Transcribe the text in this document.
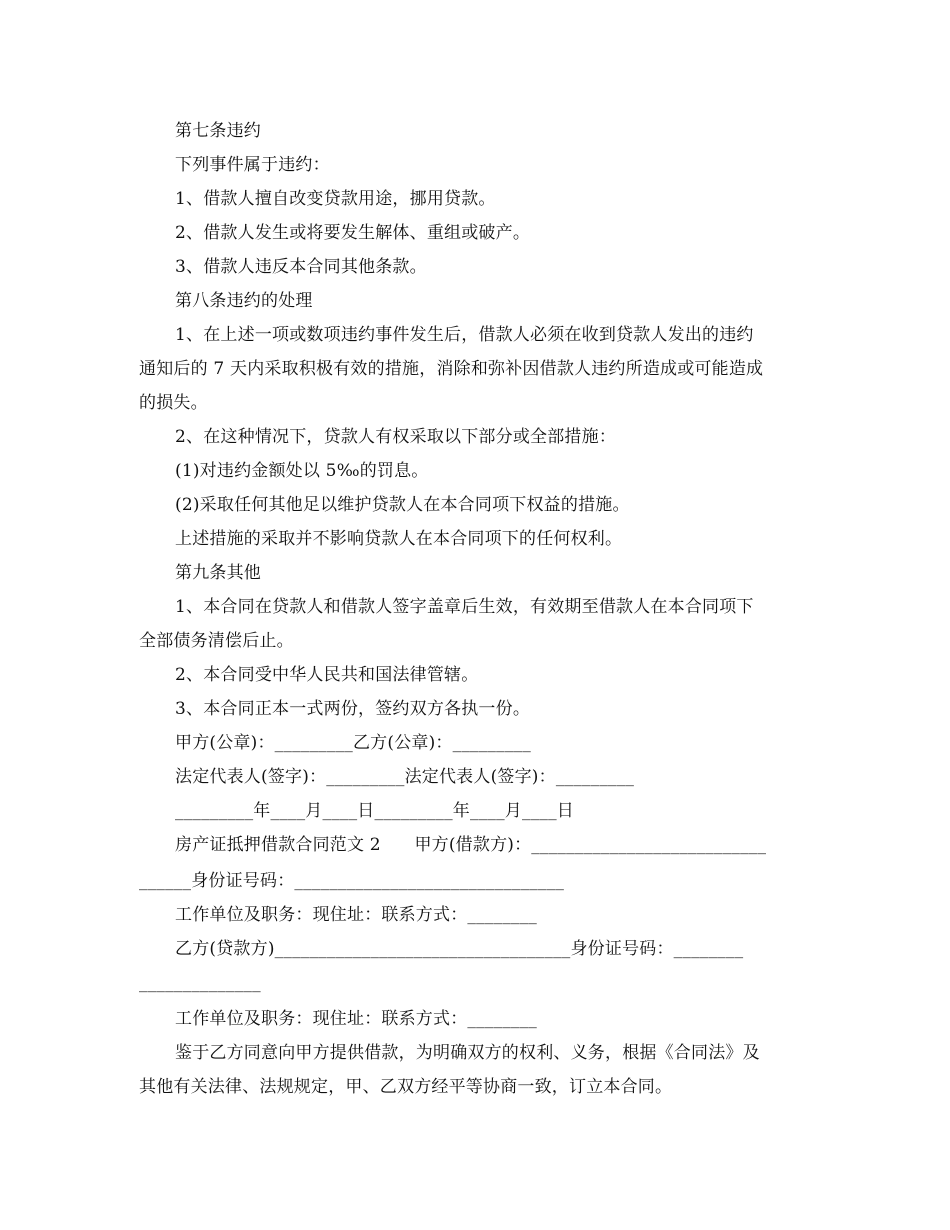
第七条违约
下列事件属于违约：
1、借款人擅自改变贷款用途，挪用贷款。
2、借款人发生或将要发生解体、重组或破产。
3、借款人违反本合同其他条款。
第八条违约的处理
1、在上述一项或数项违约事件发生后，借款人必须在收到贷款人发出的违约
通知后的 7 天内采取积极有效的措施，消除和弥补因借款人违约所造成或可能造成
的损失。
2、在这种情况下，贷款人有权采取以下部分或全部措施：
(1)对违约金额处以 5‰的罚息。
(2)采取任何其他足以维护贷款人在本合同项下权益的措施。
上述措施的采取并不影响贷款人在本合同项下的任何权利。
第九条其他
1、本合同在贷款人和借款人签字盖章后生效，有效期至借款人在本合同项下
全部债务清偿后止。
2、本合同受中华人民共和国法律管辖。
3、本合同正本一式两份，签约双方各执一份。
甲方(公章)：_________乙方(公章)：_________
法定代表人(签字)：_________法定代表人(签字)：_________
_________年____月____日_________年____月____日
房产证抵押借款合同范文 2      甲方(借款方)：___________________________
______身份证号码：_______________________________
工作单位及职务：现住址：联系方式：________
乙方(贷款方)__________________________________身份证号码：________
______________
工作单位及职务：现住址：联系方式：________
鉴于乙方同意向甲方提供借款，为明确双方的权利、义务，根据《合同法》及
其他有关法律、法规规定，甲、乙双方经平等协商一致，订立本合同。
